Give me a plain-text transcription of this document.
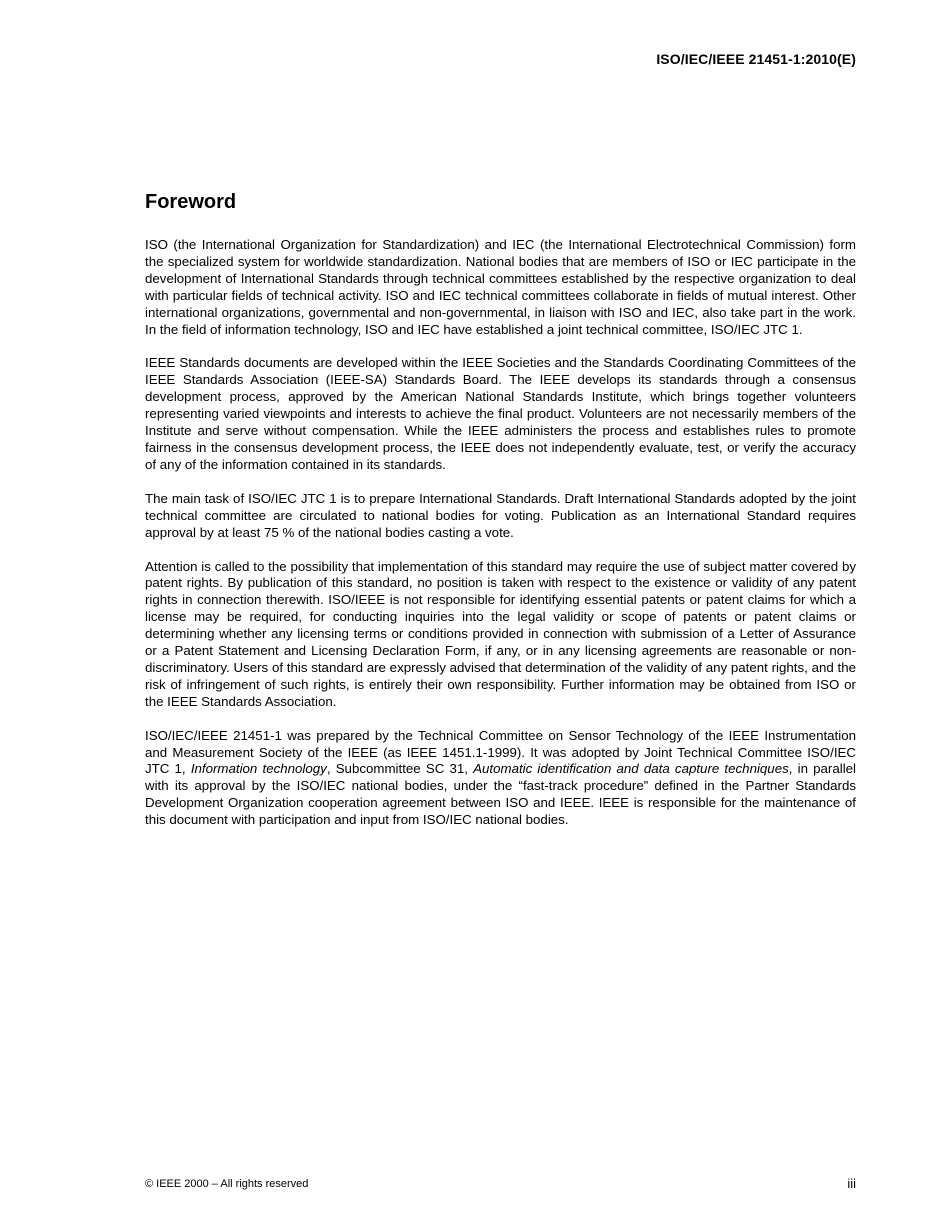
ISO/IEC/IEEE 21451-1:2010(E)
Foreword

ISO (the International Organization for Standardization) and IEC (the International Electrotechnical Commission) form the specialized system for worldwide standardization. National bodies that are members of ISO or IEC participate in the development of International Standards through technical committees established by the respective organization to deal with particular fields of technical activity. ISO and IEC technical committees collaborate in fields of mutual interest. Other international organizations, governmental and non-governmental, in liaison with ISO and IEC, also take part in the work. In the field of information technology, ISO and IEC have established a joint technical committee, ISO/IEC JTC 1.

IEEE Standards documents are developed within the IEEE Societies and the Standards Coordinating Committees of the IEEE Standards Association (IEEE-SA) Standards Board. The IEEE develops its standards through a consensus development process, approved by the American National Standards Institute, which brings together volunteers representing varied viewpoints and interests to achieve the final product. Volunteers are not necessarily members of the Institute and serve without compensation. While the IEEE administers the process and establishes rules to promote fairness in the consensus development process, the IEEE does not independently evaluate, test, or verify the accuracy of any of the information contained in its standards.

The main task of ISO/IEC JTC 1 is to prepare International Standards. Draft International Standards adopted by the joint technical committee are circulated to national bodies for voting. Publication as an International Standard requires approval by at least 75 % of the national bodies casting a vote.

Attention is called to the possibility that implementation of this standard may require the use of subject matter covered by patent rights. By publication of this standard, no position is taken with respect to the existence or validity of any patent rights in connection therewith. ISO/IEEE is not responsible for identifying essential patents or patent claims for which a license may be required, for conducting inquiries into the legal validity or scope of patents or patent claims or determining whether any licensing terms or conditions provided in connection with submission of a Letter of Assurance or a Patent Statement and Licensing Declaration Form, if any, or in any licensing agreements are reasonable or non-discriminatory. Users of this standard are expressly advised that determination of the validity of any patent rights, and the risk of infringement of such rights, is entirely their own responsibility. Further information may be obtained from ISO or the IEEE Standards Association.

ISO/IEC/IEEE 21451-1 was prepared by the Technical Committee on Sensor Technology of the IEEE Instrumentation and Measurement Society of the IEEE (as IEEE 1451.1-1999). It was adopted by Joint Technical Committee ISO/IEC JTC 1, Information technology, Subcommittee SC 31, Automatic identification and data capture techniques, in parallel with its approval by the ISO/IEC national bodies, under the “fast-track procedure” defined in the Partner Standards Development Organization cooperation agreement between ISO and IEEE. IEEE is responsible for the maintenance of this document with participation and input from ISO/IEC national bodies.

© IEEE 2000 – All rights reserved	iii
